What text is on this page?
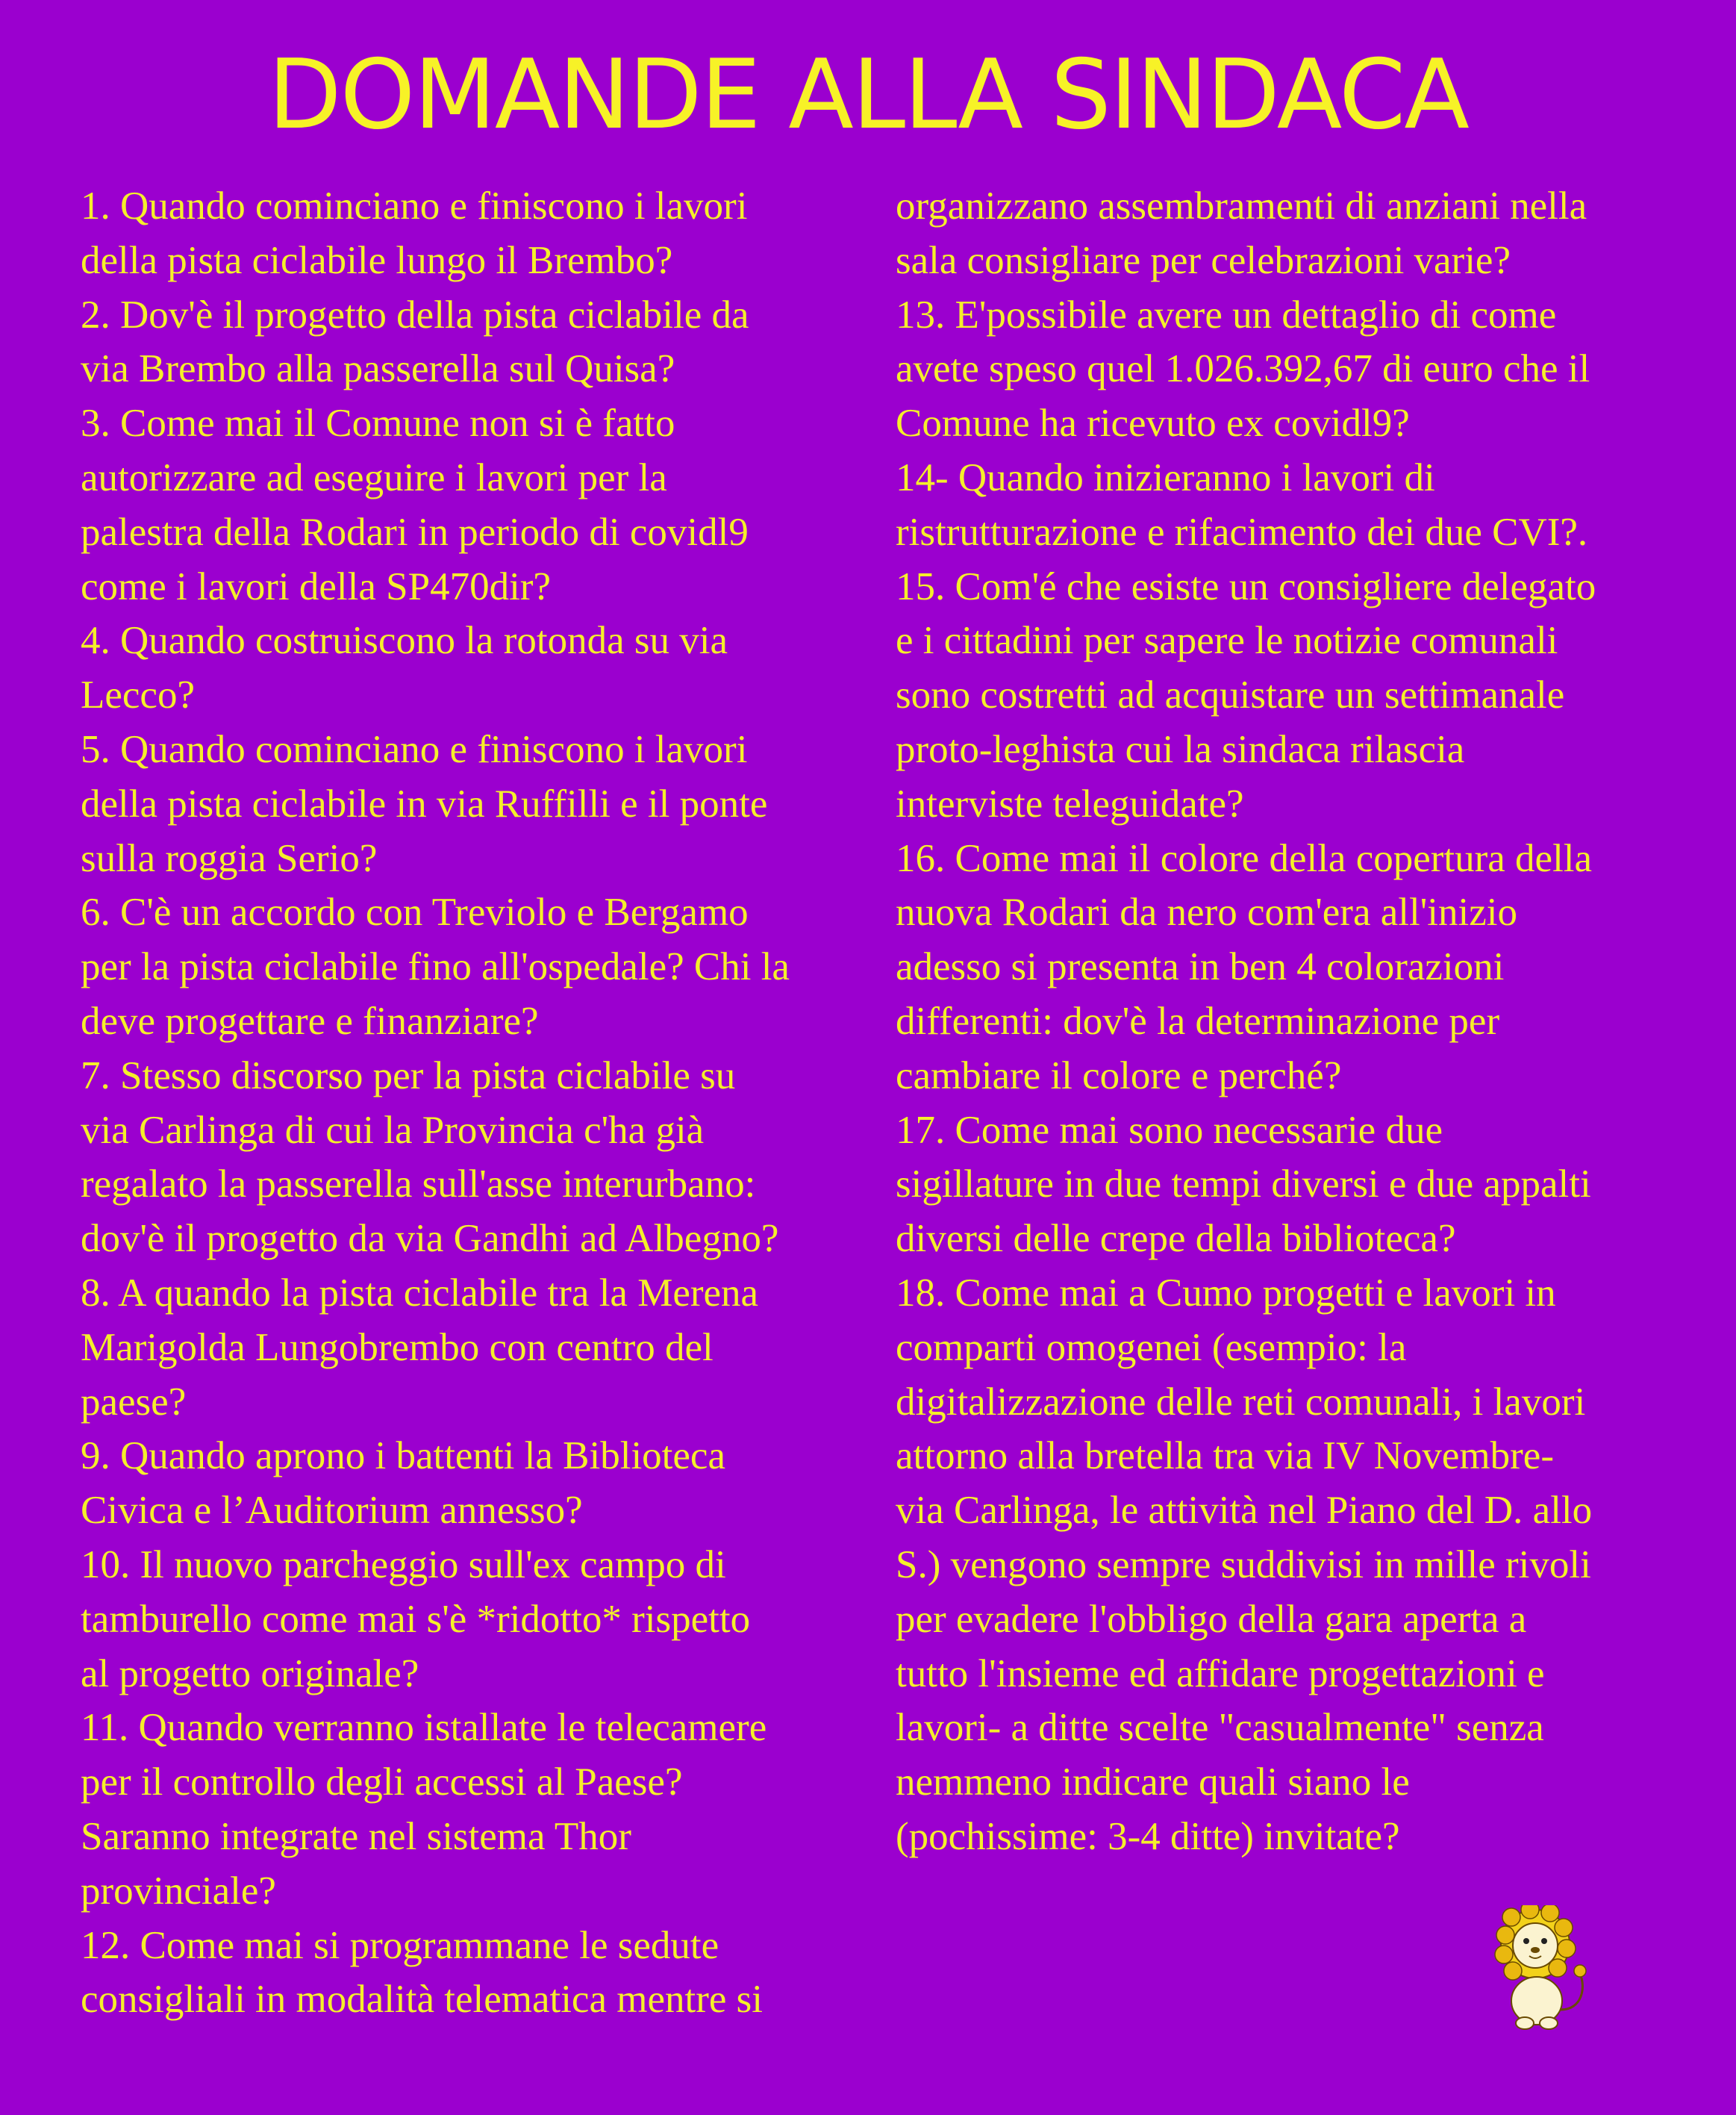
DOMANDE ALLA SINDACA
1. Quando cominciano e finiscono i lavori
della pista ciclabile lungo il Brembo?
2. Dov'è il progetto della pista ciclabile da
via Brembo alla passerella sul Quisa?
3. Come mai il Comune non si è fatto
autorizzare ad eseguire i lavori per la
palestra della Rodari in periodo di covidl9
come i lavori della SP470dir?
4. Quando costruiscono la rotonda su via
Lecco?
5. Quando cominciano e finiscono i lavori
della pista ciclabile in via Ruffilli e il ponte
sulla roggia Serio?
6. C'è un accordo con Treviolo e Bergamo
per la pista ciclabile fino all'ospedale? Chi la
deve progettare e finanziare?
7. Stesso discorso per la pista ciclabile su
via Carlinga di cui la Provincia c'ha già
regalato la passerella sull'asse interurbano:
dov'è il progetto da via Gandhi ad Albegno?
8. A quando la pista ciclabile tra la Merena
Marigolda Lungobrembo con centro del
paese?
9. Quando aprono i battenti la Biblioteca
Civica e l’Auditorium annesso?
10. Il nuovo parcheggio sull'ex campo di
tamburello come mai s'è *ridotto* rispetto
al progetto originale?
11. Quando verranno istallate le telecamere
per il controllo degli accessi al Paese?
Saranno integrate nel sistema Thor
provinciale?
12. Come mai si programmane le sedute
consigliali in modalità telematica mentre si
organizzano assembramenti di anziani nella
sala consigliare per celebrazioni varie?
13. E'possibile avere un dettaglio di come
avete speso quel 1.026.392,67 di euro che il
Comune ha ricevuto ex covidl9?
14- Quando inizieranno i lavori di
ristrutturazione e rifacimento dei due CVI?.
15. Com'é che esiste un consigliere delegato
e i cittadini per sapere le notizie comunali
sono costretti ad acquistare un settimanale
proto-leghista cui la sindaca rilascia
interviste teleguidate?
16. Come mai il colore della copertura della
nuova Rodari da nero com'era all'inizio
adesso si presenta in ben 4 colorazioni
differenti: dov'è la determinazione per
cambiare il colore e perché?
17. Come mai sono necessarie due
sigillature in due tempi diversi e due appalti
diversi delle crepe della biblioteca?
18. Come mai a Cumo progetti e lavori in
comparti omogenei (esempio: la
digitalizzazione delle reti comunali, i lavori
attorno alla bretella tra via IV Novembre-
via Carlinga, le attività nel Piano del D. allo
S.) vengono sempre suddivisi in mille rivoli
per evadere l'obbligo della gara aperta a
tutto l'insieme ed affidare progettazioni e
lavori- a ditte scelte "casualmente" senza
nemmeno indicare quali siano le
(pochissime: 3-4 ditte) invitate?
